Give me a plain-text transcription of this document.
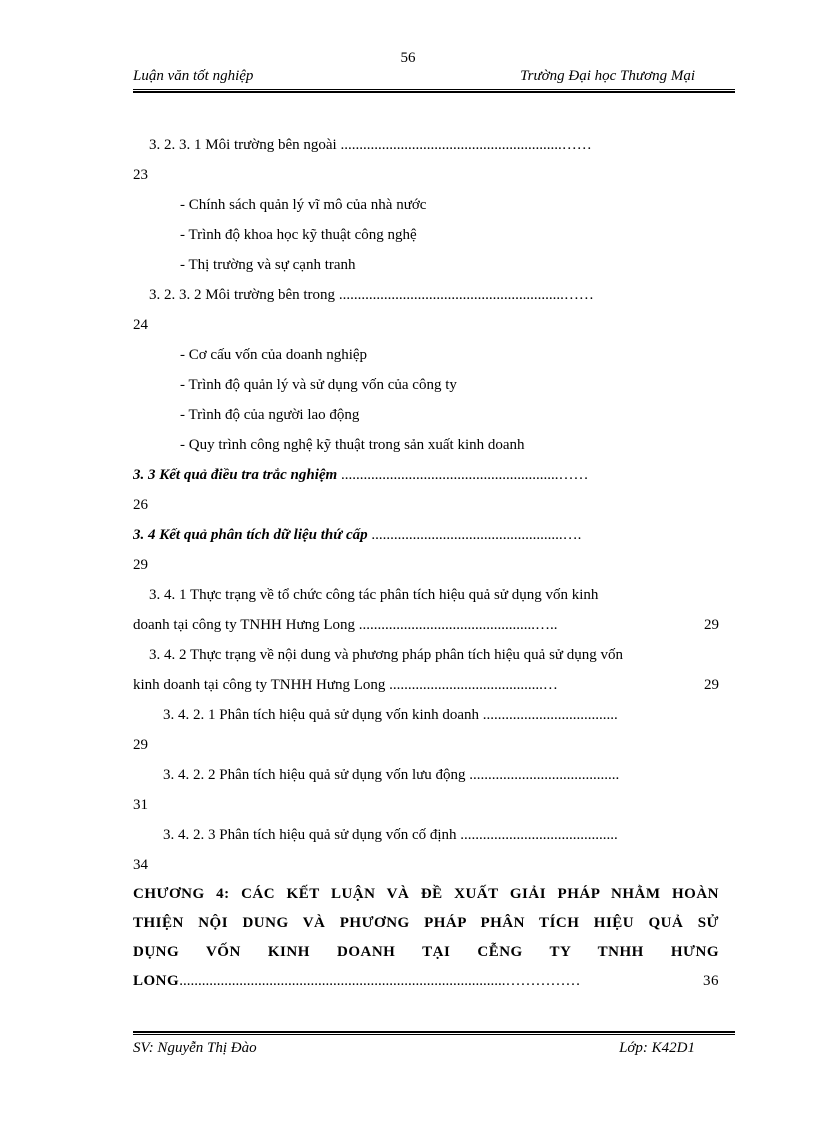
56
Luận văn tốt nghiệp	Trường Đại học Thương Mại
3. 2. 3. 1 Môi trường bên ngoài ...........................................................……
23
- Chính sách quản lý vĩ mô của nhà nước
- Trình độ khoa học kỹ thuật công nghệ
- Thị trường và sự cạnh tranh
3. 2. 3. 2 Môi trường bên trong ............................................................……
24
- Cơ cấu vốn của doanh nghiệp
- Trình độ quản lý và sử dụng vốn của công ty
- Trình độ của người lao động
- Quy trình công nghệ kỹ thuật trong sản xuất kinh doanh
3. 3 Kết quả điều tra trắc nghiệm ..........................................................……
26
3. 4 Kết quả phân tích dữ liệu thứ cấp ...................................................….
29
3. 4. 1 Thực trạng về tổ chức công tác phân tích hiệu quả sử dụng vốn kinh
doanh tại công ty TNHH Hưng Long ...............................................…..	29
3. 4. 2 Thực trạng về nội dung và phương pháp phân tích hiệu quả sử dụng vốn
kinh doanh tại công ty TNHH Hưng Long .........................................…	29
3. 4. 2. 1 Phân tích hiệu quả sử dụng vốn kinh doanh ....................................
29
3. 4. 2. 2 Phân tích hiệu quả sử dụng vốn lưu động ........................................
31
3. 4. 2. 3 Phân tích hiệu quả sử dụng vốn cố định ..........................................
34
CHƯƠNG 4: CÁC KẾT LUẬN VÀ ĐỀ XUẤT GIẢI PHÁP NHẰM HOÀN
THIỆN NỘI DUNG VÀ PHƯƠNG PHÁP PHÂN TÍCH HIỆU QUẢ SỬ
DỤNG VỐN KINH DOANH TẠI CỄNG TY TNHH HƯNG
LONG.......................................................................................……………	36
SV: Nguyễn Thị Đào	Lớp: K42D1
